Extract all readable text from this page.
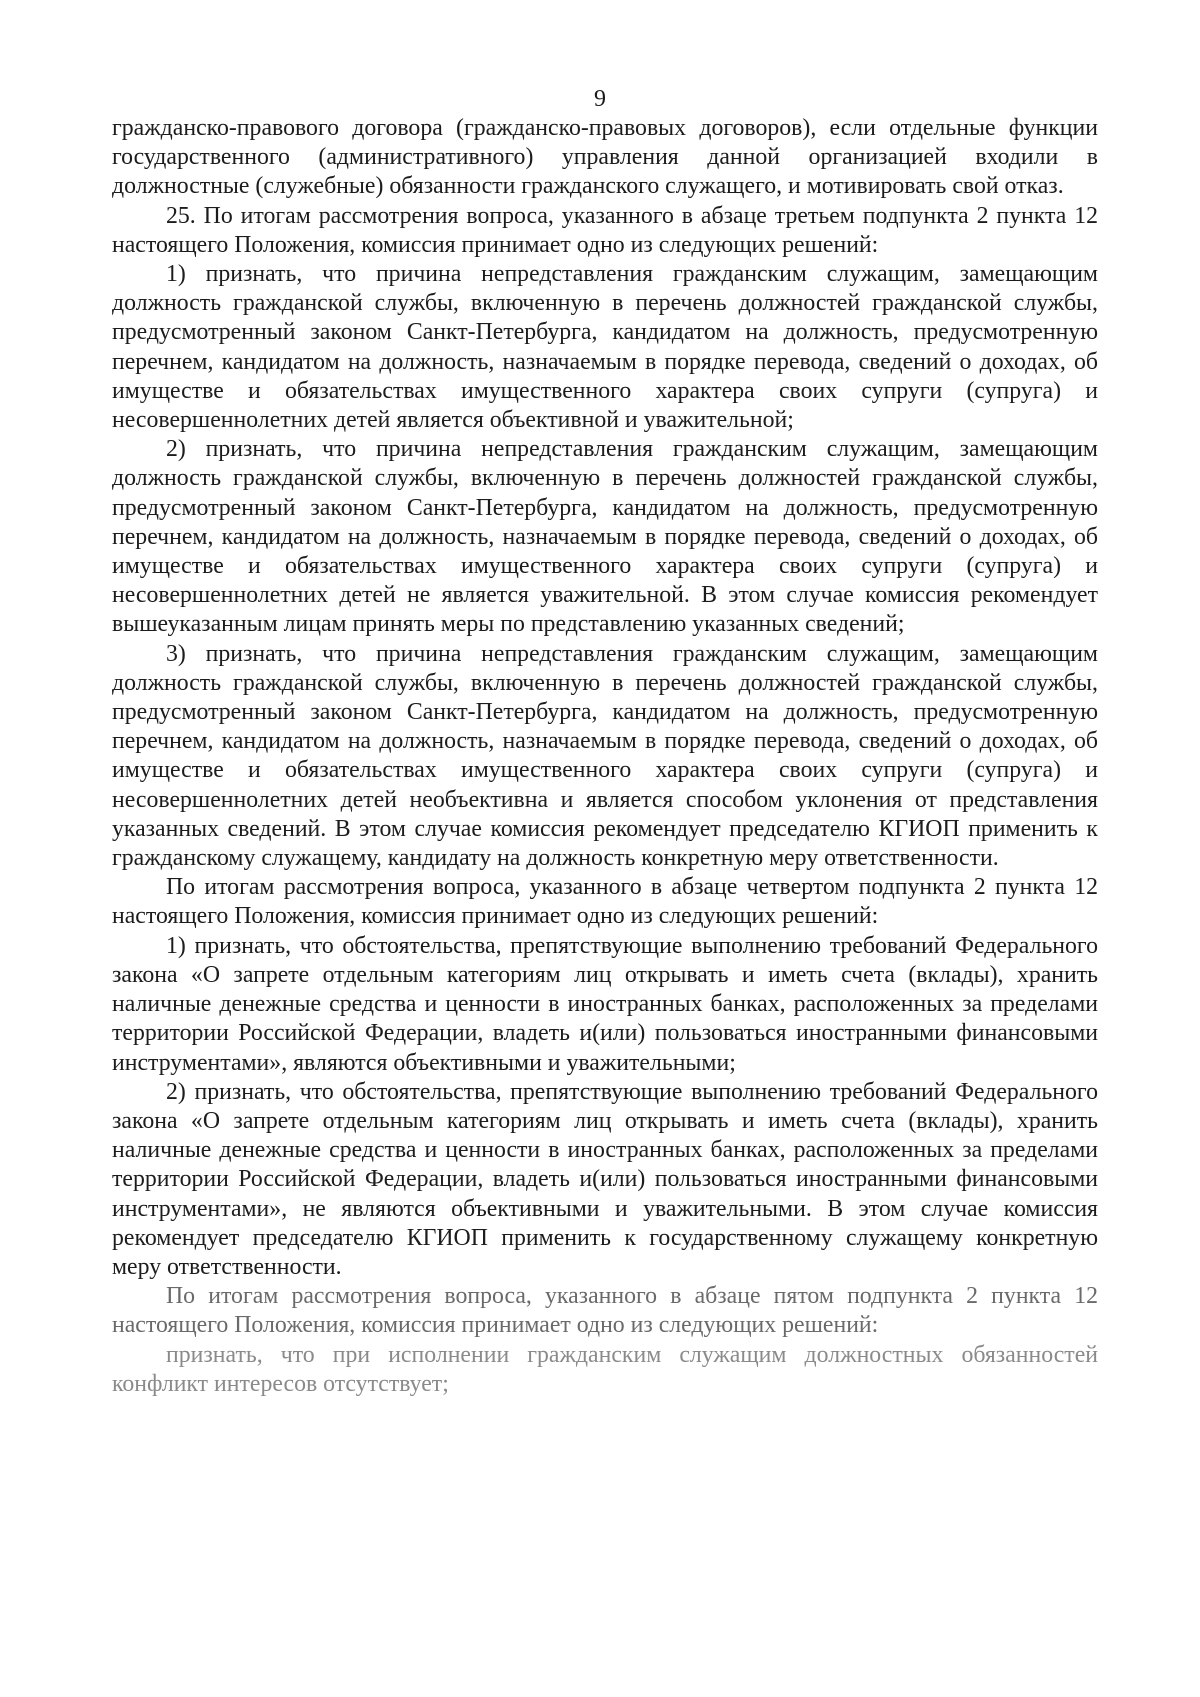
9

гражданско-правового договора (гражданско-правовых договоров), если отдельные функции государственного (административного) управления данной организацией входили в должностные (служебные) обязанности гражданского служащего, и мотивировать свой отказ.

25. По итогам рассмотрения вопроса, указанного в абзаце третьем подпункта 2 пункта 12 настоящего Положения, комиссия принимает одно из следующих решений:

1) признать, что причина непредставления гражданским служащим, замещающим должность гражданской службы, включенную в перечень должностей гражданской службы, предусмотренный законом Санкт-Петербурга, кандидатом на должность, предусмотренную перечнем, кандидатом на должность, назначаемым в порядке перевода, сведений о доходах, об имуществе и обязательствах имущественного характера своих супруги (супруга) и несовершеннолетних детей является объективной и уважительной;

2) признать, что причина непредставления гражданским служащим, замещающим должность гражданской службы, включенную в перечень должностей гражданской службы, предусмотренный законом Санкт-Петербурга, кандидатом на должность, предусмотренную перечнем, кандидатом на должность, назначаемым в порядке перевода, сведений о доходах, об имуществе и обязательствах имущественного характера своих супруги (супруга) и несовершеннолетних детей не является уважительной. В этом случае комиссия рекомендует вышеуказанным лицам принять меры по представлению указанных сведений;

3) признать, что причина непредставления гражданским служащим, замещающим должность гражданской службы, включенную в перечень должностей гражданской службы, предусмотренный законом Санкт-Петербурга, кандидатом на должность, предусмотренную перечнем, кандидатом на должность, назначаемым в порядке перевода, сведений о доходах, об имуществе и обязательствах имущественного характера своих супруги (супруга) и несовершеннолетних детей необъективна и является способом уклонения от представления указанных сведений. В этом случае комиссия рекомендует председателю КГИОП применить к гражданскому служащему, кандидату на должность конкретную меру ответственности.

По итогам рассмотрения вопроса, указанного в абзаце четвертом подпункта 2 пункта 12 настоящего Положения, комиссия принимает одно из следующих решений:

1) признать, что обстоятельства, препятствующие выполнению требований Федерального закона «О запрете отдельным категориям лиц открывать и иметь счета (вклады), хранить наличные денежные средства и ценности в иностранных банках, расположенных за пределами территории Российской Федерации, владеть и(или) пользоваться иностранными финансовыми инструментами», являются объективными и уважительными;

2) признать, что обстоятельства, препятствующие выполнению требований Федерального закона «О запрете отдельным категориям лиц открывать и иметь счета (вклады), хранить наличные денежные средства и ценности в иностранных банках, расположенных за пределами территории Российской Федерации, владеть и(или) пользоваться иностранными финансовыми инструментами», не являются объективными и уважительными. В этом случае комиссия рекомендует председателю КГИОП применить к государственному служащему конкретную меру ответственности.

По итогам рассмотрения вопроса, указанного в абзаце пятом подпункта 2 пункта 12 настоящего Положения, комиссия принимает одно из следующих решений:

признать, что при исполнении гражданским служащим должностных обязанностей конфликт интересов отсутствует;
